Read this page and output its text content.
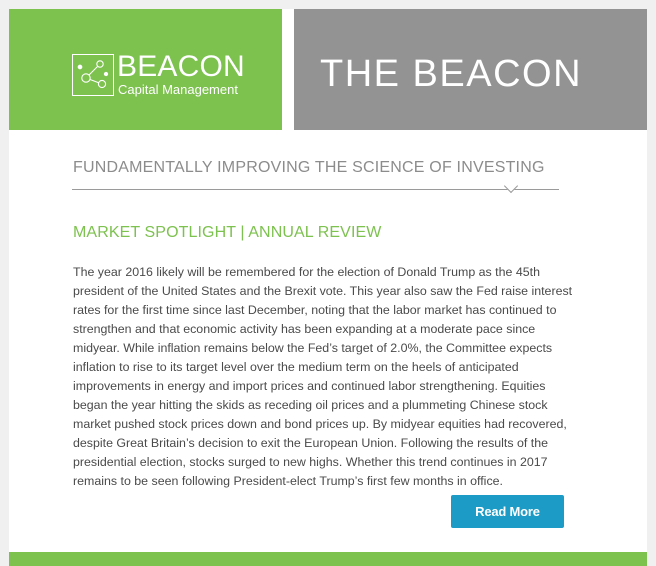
BEACON
Capital Management THE BEACON
FUNDAMENTALLY IMPROVING THE SCIENCE OF INVESTING
MARKET SPOTLIGHT | ANNUAL REVIEW

The year 2016 likely will be remembered for the election of Donald Trump as the 45th president of the United States and the Brexit vote. This year also saw the Fed raise interest rates for the first time since last December, noting that the labor market has continued to strengthen and that economic activity has been expanding at a moderate pace since midyear. While inflation remains below the Fed’s target of 2.0%, the Committee expects inflation to rise to its target level over the medium term on the heels of anticipated improvements in energy and import prices and continued labor strengthening. Equities began the year hitting the skids as receding oil prices and a plummeting Chinese stock market pushed stock prices down and bond prices up. By midyear equities had recovered, despite Great Britain’s decision to exit the European Union. Following the results of the presidential election, stocks surged to new highs. Whether this trend continues in 2017 remains to be seen following President-elect Trump’s first few months in office.

Read More
